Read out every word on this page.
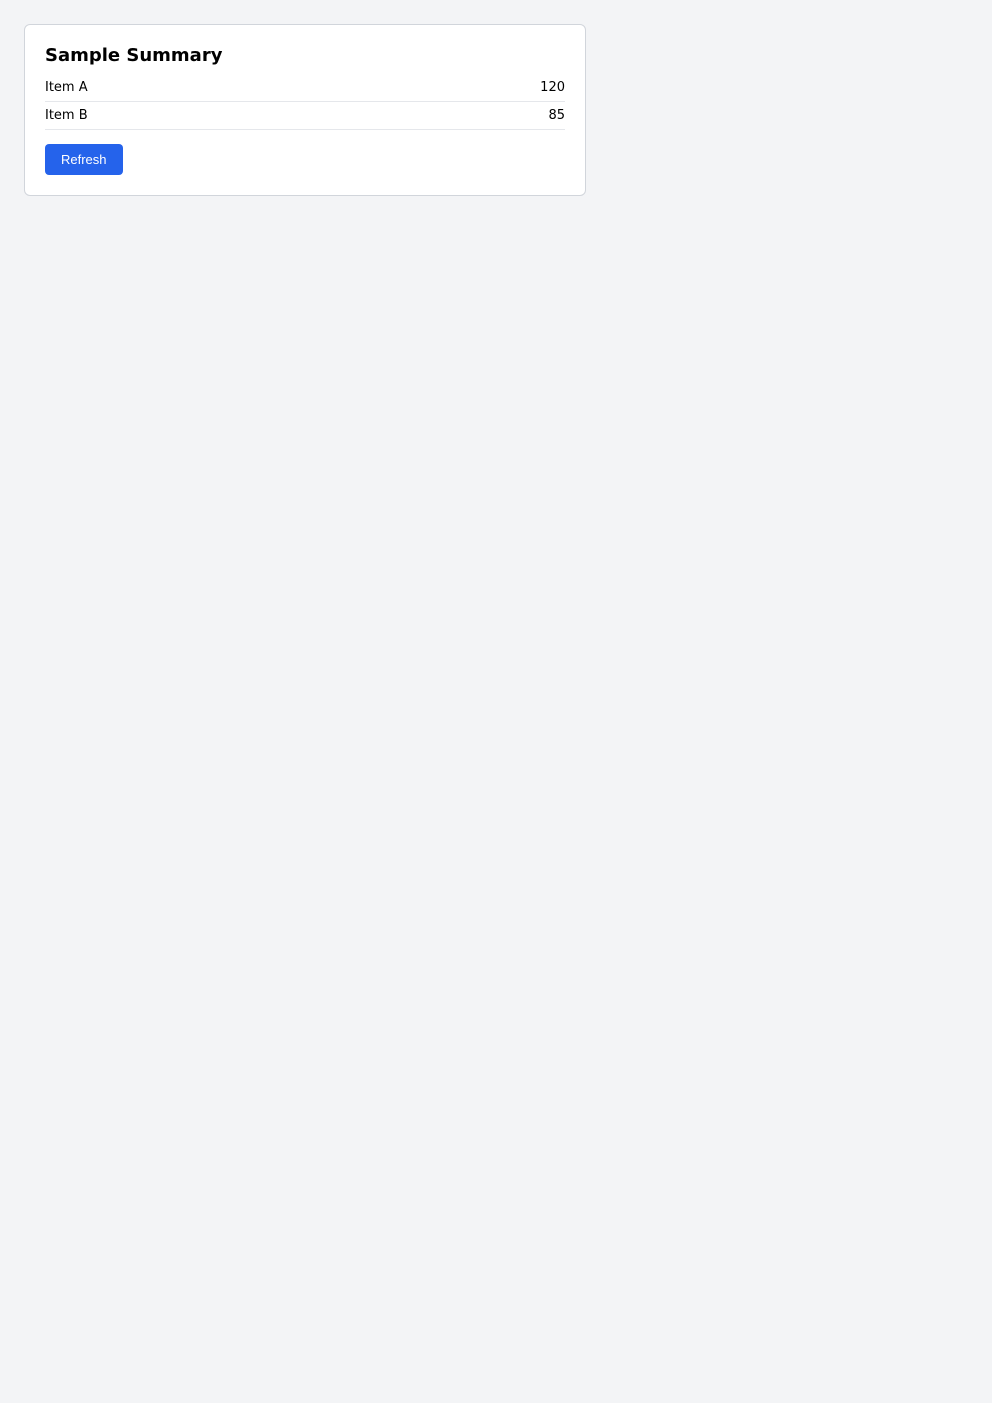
Sample Summary
Item A	120
Item B	85
Refresh
